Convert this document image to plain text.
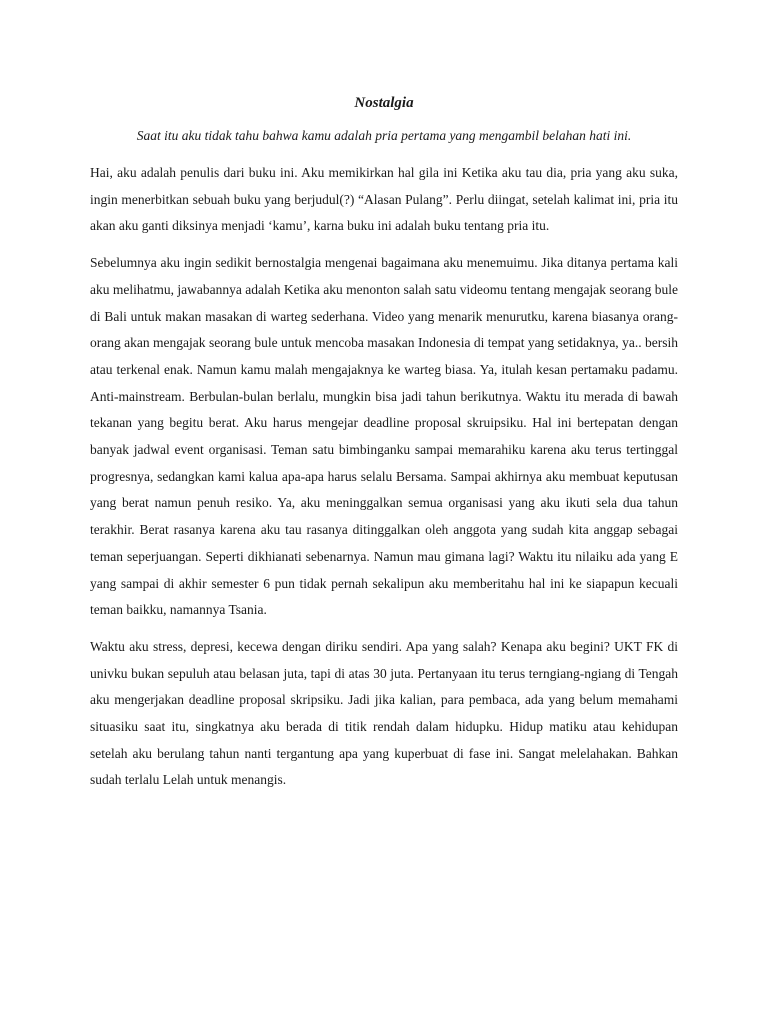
Nostalgia

Saat itu aku tidak tahu bahwa kamu adalah pria pertama yang mengambil belahan hati ini.

Hai, aku adalah penulis dari buku ini. Aku memikirkan hal gila ini Ketika aku tau dia, pria yang aku suka, ingin menerbitkan sebuah buku yang berjudul(?) “Alasan Pulang”. Perlu diingat, setelah kalimat ini, pria itu akan aku ganti diksinya menjadi ‘kamu’, karna buku ini adalah buku tentang pria itu.

Sebelumnya aku ingin sedikit bernostalgia mengenai bagaimana aku menemuimu. Jika ditanya pertama kali aku melihatmu, jawabannya adalah Ketika aku menonton salah satu videomu tentang mengajak seorang bule di Bali untuk makan masakan di warteg sederhana. Video yang menarik menurutku, karena biasanya orang-orang akan mengajak seorang bule untuk mencoba masakan Indonesia di tempat yang setidaknya, ya.. bersih atau terkenal enak. Namun kamu malah mengajaknya ke warteg biasa. Ya, itulah kesan pertamaku padamu. Anti-mainstream. Berbulan-bulan berlalu, mungkin bisa jadi tahun berikutnya. Waktu itu merada di bawah tekanan yang begitu berat. Aku harus mengejar deadline proposal skruipsiku. Hal ini bertepatan dengan banyak jadwal event organisasi. Teman satu bimbinganku sampai memarahiku karena aku terus tertinggal progresnya, sedangkan kami kalua apa-apa harus selalu Bersama. Sampai akhirnya aku membuat keputusan yang berat namun penuh resiko. Ya, aku meninggalkan semua organisasi yang aku ikuti sela dua tahun terakhir. Berat rasanya karena aku tau rasanya ditinggalkan oleh anggota yang sudah kita anggap sebagai teman seperjuangan. Seperti dikhianati sebenarnya. Namun mau gimana lagi? Waktu itu nilaiku ada yang E yang sampai di akhir semester 6 pun tidak pernah sekalipun aku memberitahu hal ini ke siapapun kecuali teman baikku, namannya Tsania.

Waktu aku stress, depresi, kecewa dengan diriku sendiri. Apa yang salah? Kenapa aku begini? UKT FK di univku bukan sepuluh atau belasan juta, tapi di atas 30 juta. Pertanyaan itu terus terngiang-ngiang di Tengah aku mengerjakan deadline proposal skripsiku. Jadi jika kalian, para pembaca, ada yang belum memahami situasiku saat itu, singkatnya aku berada di titik rendah dalam hidupku. Hidup matiku atau kehidupan setelah aku berulang tahun nanti tergantung apa yang kuperbuat di fase ini. Sangat melelahakan. Bahkan sudah terlalu Lelah untuk menangis.
